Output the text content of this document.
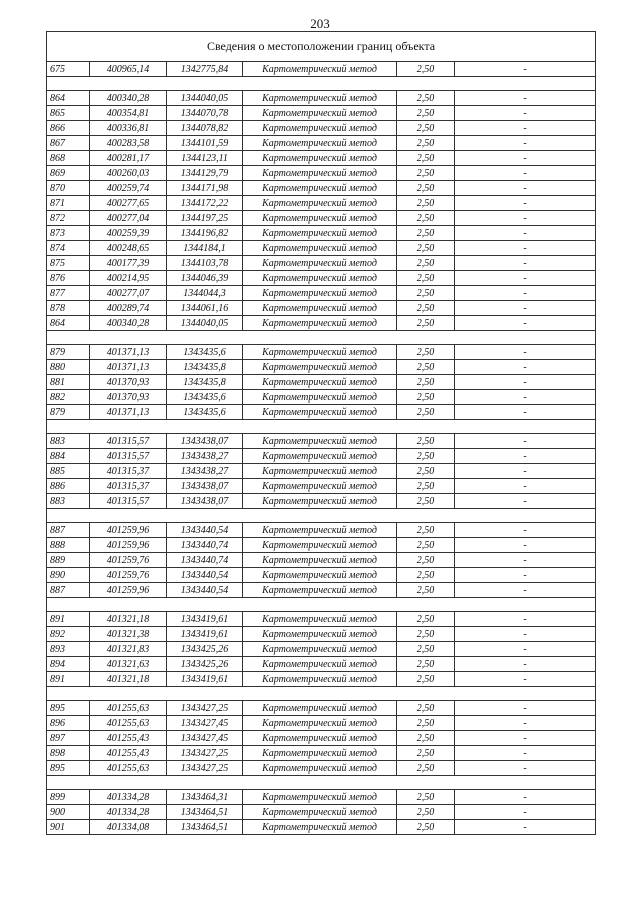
203
Сведения о местоположении границ объекта					
675	400965,14	1342775,84	Картометрический метод	2,50	-

864	400340,28	1344040,05	Картометрический метод	2,50	-
865	400354,81	1344070,78	Картометрический метод	2,50	-
866	400336,81	1344078,82	Картометрический метод	2,50	-
867	400283,58	1344101,59	Картометрический метод	2,50	-
868	400281,17	1344123,11	Картометрический метод	2,50	-
869	400260,03	1344129,79	Картометрический метод	2,50	-
870	400259,74	1344171,98	Картометрический метод	2,50	-
871	400277,65	1344172,22	Картометрический метод	2,50	-
872	400277,04	1344197,25	Картометрический метод	2,50	-
873	400259,39	1344196,82	Картометрический метод	2,50	-
874	400248,65	1344184,1	Картометрический метод	2,50	-
875	400177,39	1344103,78	Картометрический метод	2,50	-
876	400214,95	1344046,39	Картометрический метод	2,50	-
877	400277,07	1344044,3	Картометрический метод	2,50	-
878	400289,74	1344061,16	Картометрический метод	2,50	-
864	400340,28	1344040,05	Картометрический метод	2,50	-

879	401371,13	1343435,6	Картометрический метод	2,50	-
880	401371,13	1343435,8	Картометрический метод	2,50	-
881	401370,93	1343435,8	Картометрический метод	2,50	-
882	401370,93	1343435,6	Картометрический метод	2,50	-
879	401371,13	1343435,6	Картометрический метод	2,50	-

883	401315,57	1343438,07	Картометрический метод	2,50	-
884	401315,57	1343438,27	Картометрический метод	2,50	-
885	401315,37	1343438,27	Картометрический метод	2,50	-
886	401315,37	1343438,07	Картометрический метод	2,50	-
883	401315,57	1343438,07	Картометрический метод	2,50	-

887	401259,96	1343440,54	Картометрический метод	2,50	-
888	401259,96	1343440,74	Картометрический метод	2,50	-
889	401259,76	1343440,74	Картометрический метод	2,50	-
890	401259,76	1343440,54	Картометрический метод	2,50	-
887	401259,96	1343440,54	Картометрический метод	2,50	-

891	401321,18	1343419,61	Картометрический метод	2,50	-
892	401321,38	1343419,61	Картометрический метод	2,50	-
893	401321,83	1343425,26	Картометрический метод	2,50	-
894	401321,63	1343425,26	Картометрический метод	2,50	-
891	401321,18	1343419,61	Картометрический метод	2,50	-

895	401255,63	1343427,25	Картометрический метод	2,50	-
896	401255,63	1343427,45	Картометрический метод	2,50	-
897	401255,43	1343427,45	Картометрический метод	2,50	-
898	401255,43	1343427,25	Картометрический метод	2,50	-
895	401255,63	1343427,25	Картометрический метод	2,50	-

899	401334,28	1343464,31	Картометрический метод	2,50	-
900	401334,28	1343464,51	Картометрический метод	2,50	-
901	401334,08	1343464,51	Картометрический метод	2,50	-
